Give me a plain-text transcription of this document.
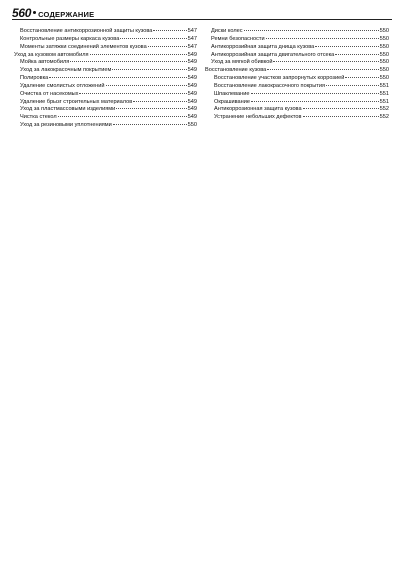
560 СОДЕРЖАНИЕ
Восстановление антикоррозионной защиты кузова	547
Контрольные размеры каркаса кузова	547
Моменты затяжки соединений элементов кузова	547
Уход за кузовом автомобиля	549
Мойка автомобиля	549
Уход за лакокрасочным покрытием	549
Полировка	549
Удаление смолистых отложений	549
Очистка от насекомых	549
Удаление брызг строительных материалов	549
Уход за пластмассовыми изделиями	549
Чистка стекол	549
Уход за резиновыми уплотнениями	550
Диски колес	550
Ремни безопасности	550
Антикоррозийная защита днища кузова	550
Антикоррозийная защита двигательного отсека	550
Уход за мягкой обивкой	550
Восстановление кузова	550
Восстановление участков запрорнутых коррозией	550
Восстановление лакокрасочного покрытия	551
Шпаклевание	551
Окрашивание	551
Антикоррозионная защита кузова	552
Устранение небольших дефектов	552
